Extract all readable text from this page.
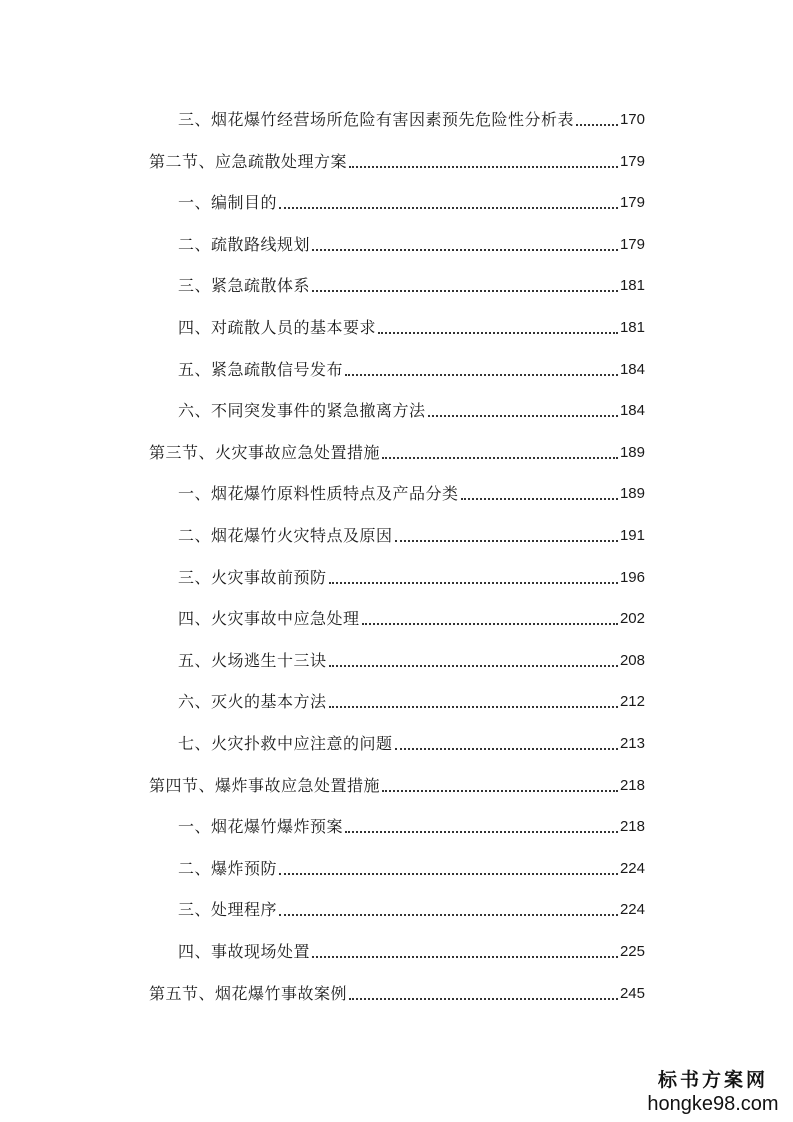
三、烟花爆竹经营场所危险有害因素预先危险性分析表	170
第二节、应急疏散处理方案	179
一、编制目的	179
二、疏散路线规划	179
三、紧急疏散体系	181
四、对疏散人员的基本要求	181
五、紧急疏散信号发布	184
六、不同突发事件的紧急撤离方法	184
第三节、火灾事故应急处置措施	189
一、烟花爆竹原料性质特点及产品分类	189
二、烟花爆竹火灾特点及原因	191
三、火灾事故前预防	196
四、火灾事故中应急处理	202
五、火场逃生十三诀	208
六、灭火的基本方法	212
七、火灾扑救中应注意的问题	213
第四节、爆炸事故应急处置措施	218
一、烟花爆竹爆炸预案	218
二、爆炸预防	224
三、处理程序	224
四、事故现场处置	225
第五节、烟花爆竹事故案例	245
标书方案网
hongke98.com
